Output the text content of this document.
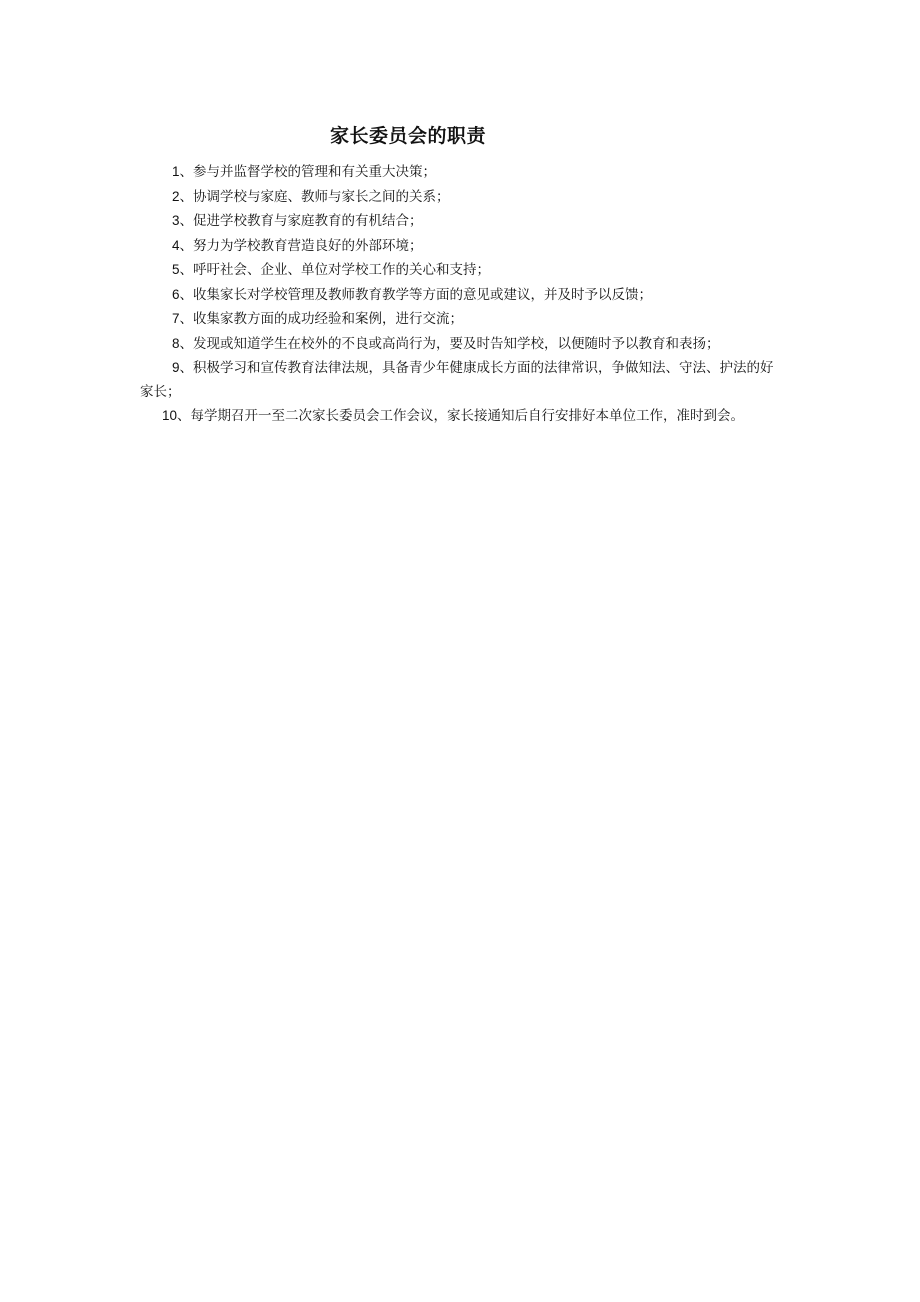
家长委员会的职责

1、参与并监督学校的管理和有关重大决策；

2、协调学校与家庭、教师与家长之间的关系；

3、促进学校教育与家庭教育的有机结合；

4、努力为学校教育营造良好的外部环境；

5、呼吁社会、企业、单位对学校工作的关心和支持；

6、收集家长对学校管理及教师教育教学等方面的意见或建议，并及时予以反馈；

7、收集家教方面的成功经验和案例，进行交流；

8、发现或知道学生在校外的不良或高尚行为，要及时告知学校，以便随时予以教育和表扬；

9、积极学习和宣传教育法律法规，具备青少年健康成长方面的法律常识，争做知法、守法、护法的好家长；

10、每学期召开一至二次家长委员会工作会议，家长接通知后自行安排好本单位工作，准时到会。
